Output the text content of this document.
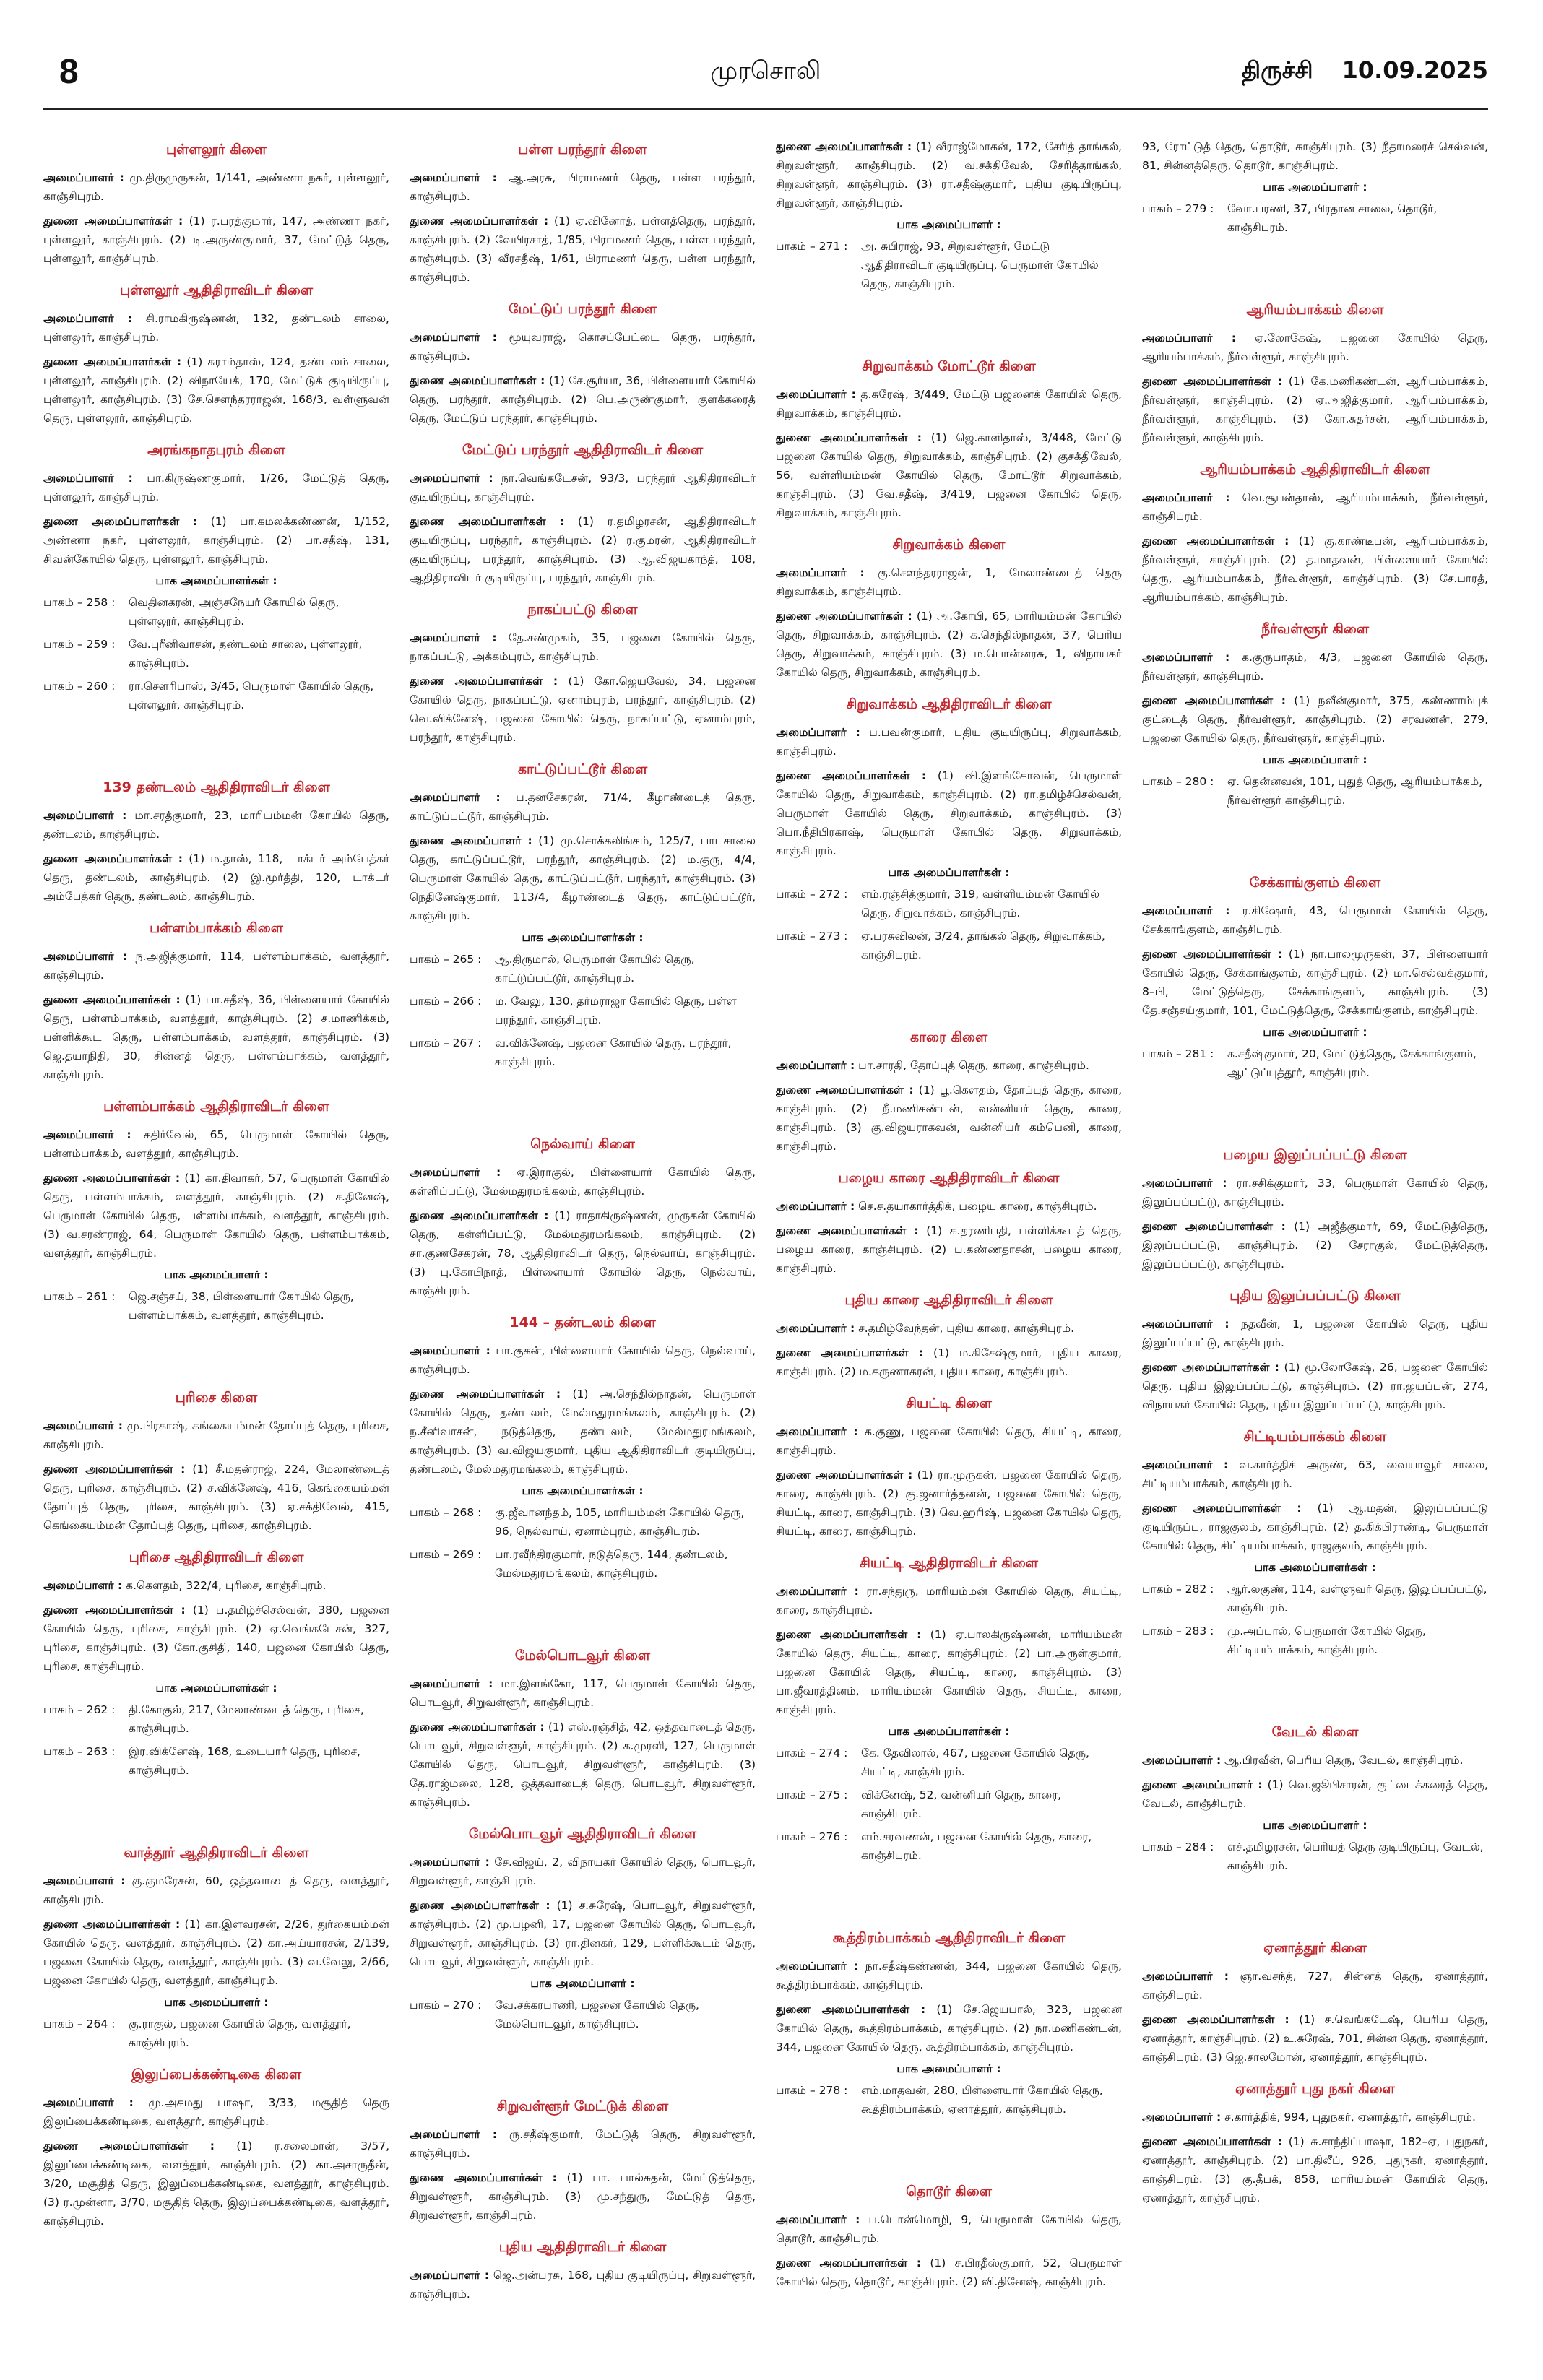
8	முரசொலி	திருச்சி 10.09.2025
புள்ளலூர் கிளை

அமைப்பாளர் : மு.திருமுருகன், 1/141, அண்ணா நகர், புள்ளலூர், காஞ்சிபுரம்.

துணை அமைப்பாளர்கள் : (1) ர.பரத்குமார், 147, அண்ணா நகர், புள்ளலூர், காஞ்சிபுரம். (2) டி.அருண்குமார், 37, மேட்டுத் தெரு, புள்ளலூர், காஞ்சிபுரம்.

புள்ளலூர் ஆதிதிராவிடர் கிளை

அமைப்பாளர் : சி.ராமகிருஷ்ணன், 132, தண்டலம் சாலை, புள்ளலூர், காஞ்சிபுரம்.

துணை அமைப்பாளர்கள் : (1) சுராம்தாஸ், 124, தண்டலம் சாலை, புள்ளலூர், காஞ்சிபுரம். (2) விநாயேக், 170, மேட்டுக் குடியிருப்பு, புள்ளலூர், காஞ்சிபுரம். (3) சே.சௌந்தரராஜன், 168/3, வள்ளுவன் தெரு, புள்ளலூர், காஞ்சிபுரம்.

அரங்கநாதபுரம் கிளை

அமைப்பாளர் : பா.கிருஷ்ணகுமார், 1/26, மேட்டுத் தெரு, புள்ளலூர், காஞ்சிபுரம்.

துணை அமைப்பாளர்கள் : (1) பா.கமலக்கண்ணன், 1/152, அண்ணா நகர், புள்ளலூர், காஞ்சிபுரம். (2) பா.சதீஷ், 131, சிவன்கோயில் தெரு, புள்ளலூர், காஞ்சிபுரம்.

பாக அமைப்பாளர்கள் :
பாகம் – 258 :	வெதினகரன், அஞ்சநேயர் கோயில் தெரு, புள்ளலூர், காஞ்சிபுரம்.
பாகம் – 259 :	வே.புரீனிவாசன், தண்டலம் சாலை, புள்ளலூர், காஞ்சிபுரம்.
பாகம் – 260 :	ரா.சௌரிபாஸ், 3/45, பெருமாள் கோயில் தெரு, புள்ளலூர், காஞ்சிபுரம்.
139 தண்டலம் ஆதிதிராவிடர் கிளை

அமைப்பாளர் : மா.சரத்குமார், 23, மாரியம்மன் கோயில் தெரு, தண்டலம், காஞ்சிபுரம்.

துணை அமைப்பாளர்கள் : (1) ம.தாஸ், 118, டாக்டர் அம்பேத்கர் தெரு, தண்டலம், காஞ்சிபுரம். (2) இ.மூர்த்தி, 120, டாக்டர் அம்பேத்கர் தெரு, தண்டலம், காஞ்சிபுரம்.

பள்ளம்பாக்கம் கிளை

அமைப்பாளர் : ந.அஜித்குமார், 114, பள்ளம்பாக்கம், வளத்தூர், காஞ்சிபுரம்.

துணை அமைப்பாளர்கள் : (1) பா.சதீஷ், 36, பிள்ளையார் கோயில் தெரு, பள்ளம்பாக்கம், வளத்தூர், காஞ்சிபுரம். (2) ச.மாணிக்கம், பள்ளிக்கூட தெரு, பள்ளம்பாக்கம், வளத்தூர், காஞ்சிபுரம். (3) ஜெ.தயாநிதி, 30, சின்னத் தெரு, பள்ளம்பாக்கம், வளத்தூர், காஞ்சிபுரம்.

பள்ளம்பாக்கம் ஆதிதிராவிடர் கிளை

அமைப்பாளர் : கதிர்வேல், 65, பெருமாள் கோயில் தெரு, பள்ளம்பாக்கம், வளத்தூர், காஞ்சிபுரம்.

துணை அமைப்பாளர்கள் : (1) கா.திவாகர், 57, பெருமாள் கோயில் தெரு, பள்ளம்பாக்கம், வளத்தூர், காஞ்சிபுரம். (2) ச.தினேஷ், பெருமாள் கோயில் தெரு, பள்ளம்பாக்கம், வளத்தூர், காஞ்சிபுரம். (3) வ.சரண்ராஜ், 64, பெருமாள் கோயில் தெரு, பள்ளம்பாக்கம், வளத்தூர், காஞ்சிபுரம்.

பாக அமைப்பாளர் :
பாகம் – 261 :	ஜெ.சஞ்சய், 38, பிள்ளையார் கோயில் தெரு, பள்ளம்பாக்கம், வளத்தூர், காஞ்சிபுரம்.
புரிசை கிளை

அமைப்பாளர் : மு.பிரகாஷ், கங்கையம்மன் தோப்புத் தெரு, புரிசை, காஞ்சிபுரம்.

துணை அமைப்பாளர்கள் : (1) சீ.மதன்ராஜ், 224, மேலாண்டைத் தெரு, புரிசை, காஞ்சிபுரம். (2) ச.விக்னேஷ், 416, கெங்கையம்மன் தோப்புத் தெரு, புரிசை, காஞ்சிபுரம். (3) ஏ.சக்திவேல், 415, கெங்கையம்மன் தோப்புத் தெரு, புரிசை, காஞ்சிபுரம்.

புரிசை ஆதிதிராவிடர் கிளை

அமைப்பாளர் : க.கௌதம், 322/4, புரிசை, காஞ்சிபுரம்.

துணை அமைப்பாளர்கள் : (1) ப.தமிழ்ச்செல்வன், 380, பஜனை கோயில் தெரு, புரிசை, காஞ்சிபுரம். (2) ஏ.வெங்கடேசன், 327, புரிசை, காஞ்சிபுரம். (3) கோ.குசிதி, 140, பஜனை கோயில் தெரு, புரிசை, காஞ்சிபுரம்.

பாக அமைப்பாளர்கள் :
பாகம் – 262 :	தி.கோகுல், 217, மேலாண்டைத் தெரு, புரிசை, காஞ்சிபுரம்.
பாகம் – 263 :	இர.விக்னேஷ், 168, உடையார் தெரு, புரிசை, காஞ்சிபுரம்.
வாத்தூர் ஆதிதிராவிடர் கிளை

அமைப்பாளர் : கு.குமரேசன், 60, ஒத்தவாடைத் தெரு, வளத்தூர், காஞ்சிபுரம்.

துணை அமைப்பாளர்கள் : (1) கா.இளவரசன், 2/26, துர்கையம்மன் கோயில் தெரு, வளத்தூர், காஞ்சிபுரம். (2) கா.அய்யாரசன், 2/139, பஜனை கோயில் தெரு, வளத்தூர், காஞ்சிபுரம். (3) வ.வேலு, 2/66, பஜனை கோயில் தெரு, வளத்தூர், காஞ்சிபுரம்.

பாக அமைப்பாளர் :
பாகம் – 264 :	கு.ராகுல், பஜனை கோயில் தெரு, வளத்தூர், காஞ்சிபுரம்.
இலுப்பைக்கண்டிகை கிளை

அமைப்பாளர் : மு.அகமது பாஷா, 3/33, மசூதித் தெரு இலுப்பைக்கண்டிகை, வளத்தூர், காஞ்சிபுரம்.

துணை அமைப்பாளர்கள் : (1) ர.சலைமான், 3/57, இலுப்பைக்கண்டிகை, வளத்தூர், காஞ்சிபுரம். (2) கா.அசாருதீன், 3/20, மசூதித் தெரு, இலுப்பைக்கண்டிகை, வளத்தூர், காஞ்சிபுரம். (3) ர.முன்னா, 3/70, மசூதித் தெரு, இலுப்பைக்கண்டிகை, வளத்தூர், காஞ்சிபுரம்.

பள்ள பரந்தூர் கிளை

அமைப்பாளர் : ஆ.அரசு, பிராமணர் தெரு, பள்ள பரந்தூர், காஞ்சிபுரம்.

துணை அமைப்பாளர்கள் : (1) ஏ.வினோத், பள்ளத்தெரு, பரந்தூர், காஞ்சிபுரம். (2) வேபிரசாத், 1/85, பிராமணர் தெரு, பள்ள பரந்தூர், காஞ்சிபுரம். (3) வீரசதீஷ், 1/61, பிராமணர் தெரு, பள்ள பரந்தூர், காஞ்சிபுரம்.

மேட்டுப் பரந்தூர் கிளை

அமைப்பாளர் : மூயுவராஜ், கொசப்பேட்டை தெரு, பரந்தூர், காஞ்சிபுரம்.

துணை அமைப்பாளர்கள் : (1) சே.சூர்யா, 36, பிள்ளையார் கோயில் தெரு, பரந்தூர், காஞ்சிபுரம். (2) பெ.அருண்குமார், குளக்கரைத் தெரு, மேட்டுப் பரந்தூர், காஞ்சிபுரம்.

மேட்டுப் பரந்தூர் ஆதிதிராவிடர் கிளை

அமைப்பாளர் : நா.வெங்கடேசன், 93/3, பரந்தூர் ஆதிதிராவிடர் குடியிருப்பு, காஞ்சிபுரம்.

துணை அமைப்பாளர்கள் : (1) ர.தமிழரசன், ஆதிதிராவிடர் குடியிருப்பு, பரந்தூர், காஞ்சிபுரம். (2) ர.குமரன், ஆதிதிராவிடர் குடியிருப்பு, பரந்தூர், காஞ்சிபுரம். (3) ஆ.விஜயகாந்த், 108, ஆதிதிராவிடர் குடியிருப்பு, பரந்தூர், காஞ்சிபுரம்.

நாகப்பட்டு கிளை

அமைப்பாளர் : தே.சண்முகம், 35, பஜனை கோயில் தெரு, நாகப்பட்டு, அக்கம்புரம், காஞ்சிபுரம்.

துணை அமைப்பாளர்கள் : (1) கோ.ஜெயவேல், 34, பஜனை கோயில் தெரு, நாகப்பட்டு, ஏனாம்புரம், பரந்தூர், காஞ்சிபுரம். (2) வெ.விக்னேஷ், பஜனை கோயில் தெரு, நாகப்பட்டு, ஏனாம்புரம், பரந்தூர், காஞ்சிபுரம்.

காட்டுப்பட்டூர் கிளை

அமைப்பாளர் : ப.தனசேகரன், 71/4, கீழாண்டைத் தெரு, காட்டுப்பட்டூர், காஞ்சிபுரம்.

துணை அமைப்பாளர் : (1) மு.சொக்கலிங்கம், 125/7, பாடசாலை தெரு, காட்டுப்பட்டூர், பரந்தூர், காஞ்சிபுரம். (2) ம.குரு, 4/4, பெருமாள் கோயில் தெரு, காட்டுப்பட்டூர், பரந்தூர், காஞ்சிபுரம். (3) நெதினேஷ்குமார், 113/4, கீழாண்டைத் தெரு, காட்டுப்பட்டூர், காஞ்சிபுரம்.

பாக அமைப்பாளர்கள் :
பாகம் – 265 :	ஆ.திருமால், பெருமாள் கோயில் தெரு, காட்டுப்பட்டூர், காஞ்சிபுரம்.
பாகம் – 266 :	ம. வேலு, 130, தர்மராஜா கோயில் தெரு, பள்ள பரந்தூர், காஞ்சிபுரம்.
பாகம் – 267 :	வ.விக்னேஷ், பஜனை கோயில் தெரு, பரந்தூர், காஞ்சிபுரம்.
நெல்வாய் கிளை

அமைப்பாளர் : ஏ.இராகுல், பிள்ளையார் கோயில் தெரு, கள்ளிப்பட்டு, மேல்மதுரமங்கலம், காஞ்சிபுரம்.

துணை அமைப்பாளர்கள் : (1) ராதாகிருஷ்ணன், முருகன் கோயில் தெரு, கள்ளிப்பட்டு, மேல்மதுரமங்கலம், காஞ்சிபுரம். (2) சா.குணசேகரன், 78, ஆதிதிராவிடர் தெரு, நெல்வாய், காஞ்சிபுரம். (3) பு.கோபிநாத், பிள்ளையார் கோயில் தெரு, நெல்வாய், காஞ்சிபுரம்.

144 – தண்டலம் கிளை

அமைப்பாளர் : பா.குகன், பிள்ளையார் கோயில் தெரு, நெல்வாய், காஞ்சிபுரம்.

துணை அமைப்பாளர்கள் : (1) அ.செந்தில்நாதன், பெருமாள் கோயில் தெரு, தண்டலம், மேல்மதுரமங்கலம், காஞ்சிபுரம். (2) ந.சீனிவாசன், நடுத்தெரு, தண்டலம், மேல்மதுரமங்கலம், காஞ்சிபுரம். (3) வ.விஜயகுமார், புதிய ஆதிதிராவிடர் குடியிருப்பு, தண்டலம், மேல்மதுரமங்கலம், காஞ்சிபுரம்.

பாக அமைப்பாளர்கள் :
பாகம் – 268 :	கு.ஜீவானந்தம், 105, மாரியம்மன் கோயில் தெரு, 96, நெல்வாய், ஏனாம்புரம், காஞ்சிபுரம்.
பாகம் – 269 :	பா.ரவீந்திரகுமார், நடுத்தெரு, 144, தண்டலம், மேல்மதுரமங்கலம், காஞ்சிபுரம்.
மேல்பொடவூர் கிளை

அமைப்பாளர் : மா.இளங்கோ, 117, பெருமாள் கோயில் தெரு, பொடவூர், சிறுவள்ளூர், காஞ்சிபுரம்.

துணை அமைப்பாளர்கள் : (1) எஸ்.ரஞ்சித், 42, ஒத்தவாடைத் தெரு, பொடவூர், சிறுவள்ளூர், காஞ்சிபுரம். (2) க.முரளி, 127, பெருமாள் கோயில் தெரு, பொடவூர், சிறுவள்ளூர், காஞ்சிபுரம். (3) தே.ராஜ்மலை, 128, ஒத்தவாடைத் தெரு, பொடவூர், சிறுவள்ளூர், காஞ்சிபுரம்.

மேல்பொடவூர் ஆதிதிராவிடர் கிளை

அமைப்பாளர் : சே.விஜய், 2, விநாயகர் கோயில் தெரு, பொடவூர், சிறுவள்ளூர், காஞ்சிபுரம்.

துணை அமைப்பாளர்கள் : (1) ச.சுரேஷ், பொடவூர், சிறுவள்ளூர், காஞ்சிபுரம். (2) மு.பழனி, 17, பஜனை கோயில் தெரு, பொடவூர், சிறுவள்ளூர், காஞ்சிபுரம். (3) ரா.தினகர், 129, பள்ளிக்கூடம் தெரு, பொடவூர், சிறுவள்ளூர், காஞ்சிபுரம்.

பாக அமைப்பாளர் :
பாகம் – 270 :	வே.சக்கரபாணி, பஜனை கோயில் தெரு, மேல்பொடவூர், காஞ்சிபுரம்.
சிறுவள்ளூர் மேட்டுக் கிளை

அமைப்பாளர் : ரு.சதீஷ்குமார், மேட்டுத் தெரு, சிறுவள்ளூர், காஞ்சிபுரம்.

துணை அமைப்பாளர்கள் : (1) பா. பால்சுதன், மேட்டுத்தெரு, சிறுவள்ளூர், காஞ்சிபுரம். (3) மு.சந்துரு, மேட்டுத் தெரு, சிறுவள்ளூர், காஞ்சிபுரம்.

புதிய ஆதிதிராவிடர் கிளை

அமைப்பாளர் : ஜெ.அன்பரசு, 168, புதிய குடியிருப்பு, சிறுவள்ளூர், காஞ்சிபுரம்.

துணை அமைப்பாளர்கள் : (1) வீராஜ்மோகன், 172, சேரித் தாங்கல், சிறுவள்ளூர், காஞ்சிபுரம். (2) வ.சக்திவேல், சேரித்தாங்கல், சிறுவள்ளூர், காஞ்சிபுரம். (3) ரா.சதீஷ்குமார், புதிய குடியிருப்பு, சிறுவள்ளூர், காஞ்சிபுரம்.

பாக அமைப்பாளர் :
பாகம் – 271 :	அ. சுபிராஜ், 93, சிறுவள்ளூர், மேட்டு ஆதிதிராவிடர் குடியிருப்பு, பெருமாள் கோயில் தெரு, காஞ்சிபுரம்.
சிறுவாக்கம் மோட்டூர் கிளை

அமைப்பாளர் : த.சுரேஷ், 3/449, மேட்டு பஜனைக் கோயில் தெரு, சிறுவாக்கம், காஞ்சிபுரம்.

துணை அமைப்பாளர்கள் : (1) ஜெ.காளிதாஸ், 3/448, மேட்டு பஜனை கோயில் தெரு, சிறுவாக்கம், காஞ்சிபுரம். (2) குசக்திவேல், 56, வள்ளியம்மன் கோயில் தெரு, மோட்டூர் சிறுவாக்கம், காஞ்சிபுரம். (3) வே.சதீஷ், 3/419, பஜனை கோயில் தெரு, சிறுவாக்கம், காஞ்சிபுரம்.

சிறுவாக்கம் கிளை

அமைப்பாளர் : கு.சௌந்தரராஜன், 1, மேலாண்டைத் தெரு சிறுவாக்கம், காஞ்சிபுரம்.

துணை அமைப்பாளர்கள் : (1) அ.கோபி, 65, மாரியம்மன் கோயில் தெரு, சிறுவாக்கம், காஞ்சிபுரம். (2) க.செந்தில்நாதன், 37, பெரிய தெரு, சிறுவாக்கம், காஞ்சிபுரம். (3) ம.பொன்னரசு, 1, விநாயகர் கோயில் தெரு, சிறுவாக்கம், காஞ்சிபுரம்.

சிறுவாக்கம் ஆதிதிராவிடர் கிளை

அமைப்பாளர் : ப.பவன்குமார், புதிய குடியிருப்பு, சிறுவாக்கம், காஞ்சிபுரம்.

துணை அமைப்பாளர்கள் : (1) வி.இளங்கோவன், பெருமாள் கோயில் தெரு, சிறுவாக்கம், காஞ்சிபுரம். (2) ரா.தமிழ்ச்செல்வன், பெருமாள் கோயில் தெரு, சிறுவாக்கம், காஞ்சிபுரம். (3) பொ.நீதிபிரகாஷ், பெருமாள் கோயில் தெரு, சிறுவாக்கம், காஞ்சிபுரம்.

பாக அமைப்பாளர்கள் :
பாகம் – 272 :	எம்.ரஞ்சித்குமார், 319, வள்ளியம்மன் கோயில் தெரு, சிறுவாக்கம், காஞ்சிபுரம்.
பாகம் – 273 :	ஏ.பரசுவிலன், 3/24, தாங்கல் தெரு, சிறுவாக்கம், காஞ்சிபுரம்.
காரை கிளை

அமைப்பாளர் : பா.சாரதி, தோப்புத் தெரு, காரை, காஞ்சிபுரம்.

துணை அமைப்பாளர்கள் : (1) பூ.கௌதம், தோப்புத் தெரு, காரை, காஞ்சிபுரம். (2) நீ.மணிகண்டன், வன்னியர் தெரு, காரை, காஞ்சிபுரம். (3) கு.விஜயராகவன், வன்னியர் கம்பெனி, காரை, காஞ்சிபுரம்.

பழைய காரை ஆதிதிராவிடர் கிளை

அமைப்பாளர் : செ.ச.தயாகார்த்திக், பழைய காரை, காஞ்சிபுரம்.

துணை அமைப்பாளர்கள் : (1) க.தரணிபதி, பள்ளிக்கூடத் தெரு, பழைய காரை, காஞ்சிபுரம். (2) ப.கண்ணதாசன், பழைய காரை, காஞ்சிபுரம்.

புதிய காரை ஆதிதிராவிடர் கிளை

அமைப்பாளர் : ச.தமிழ்வேந்தன், புதிய காரை, காஞ்சிபுரம்.

துணை அமைப்பாளர்கள் : (1) ம.கிசேஷ்குமார், புதிய காரை, காஞ்சிபுரம். (2) ம.கருணாகரன், புதிய காரை, காஞ்சிபுரம்.

சியட்டி கிளை

அமைப்பாளர் : க.குணு, பஜனை கோயில் தெரு, சியட்டி, காரை, காஞ்சிபுரம்.

துணை அமைப்பாளர்கள் : (1) ரா.முருகன், பஜனை கோயில் தெரு, காரை, காஞ்சிபுரம். (2) கு.ஜனார்த்தனன், பஜனை கோயில் தெரு, சியட்டி, காரை, காஞ்சிபுரம். (3) வெ.ஹரிஷ், பஜனை கோயில் தெரு, சியட்டி, காரை, காஞ்சிபுரம்.

சியட்டி ஆதிதிராவிடர் கிளை

அமைப்பாளர் : ரா.சந்துரு, மாரியம்மன் கோயில் தெரு, சியட்டி, காரை, காஞ்சிபுரம்.

துணை அமைப்பாளர்கள் : (1) ஏ.பாலகிருஷ்ணன், மாரியம்மன் கோயில் தெரு, சியட்டி, காரை, காஞ்சிபுரம். (2) பா.அருள்குமார், பஜனை கோயில் தெரு, சியட்டி, காரை, காஞ்சிபுரம். (3) பா.ஜீவரத்தினம், மாரியம்மன் கோயில் தெரு, சியட்டி, காரை, காஞ்சிபுரம்.

பாக அமைப்பாளர்கள் :
பாகம் – 274 :	கே. தேவிலால், 467, பஜனை கோயில் தெரு, சியட்டி, காஞ்சிபுரம்.
பாகம் – 275 :	விக்னேஷ், 52, வன்னியர் தெரு, காரை, காஞ்சிபுரம்.
பாகம் – 276 :	எம்.சரவணன், பஜனை கோயில் தெரு, காரை, காஞ்சிபுரம்.
கூத்திரம்பாக்கம் ஆதிதிராவிடர் கிளை

அமைப்பாளர் : நா.சதீஷ்கண்ணன், 344, பஜனை கோயில் தெரு, கூத்திரம்பாக்கம், காஞ்சிபுரம்.

துணை அமைப்பாளர்கள் : (1) சே.ஜெயபால், 323, பஜனை கோயில் தெரு, கூத்திரம்பாக்கம், காஞ்சிபுரம். (2) நா.மணிகண்டன், 344, பஜனை கோயில் தெரு, கூத்திரம்பாக்கம், காஞ்சிபுரம்.

பாக அமைப்பாளர் :
பாகம் – 278 :	எம்.மாதவன், 280, பிள்ளையார் கோயில் தெரு, கூத்திரம்பாக்கம், ஏனாத்தூர், காஞ்சிபுரம்.
தொடூர் கிளை

அமைப்பாளர் : ப.பொன்மொழி, 9, பெருமாள் கோயில் தெரு, தொடூர், காஞ்சிபுரம்.

துணை அமைப்பாளர்கள் : (1) ச.பிரதீஸ்குமார், 52, பெருமாள் கோயில் தெரு, தொடூர், காஞ்சிபுரம். (2) வி.தினேஷ், காஞ்சிபுரம்.

93, ரோட்டுத் தெரு, தொடூர், காஞ்சிபுரம். (3) நீதாமரைச் செல்வன், 81, சின்னத்தெரு, தொடூர், காஞ்சிபுரம்.

பாக அமைப்பாளர் :
பாகம் – 279 :	வோ.பரணி, 37, பிரதான சாலை, தொடூர், காஞ்சிபுரம்.
ஆரியம்பாக்கம் கிளை

அமைப்பாளர் : ஏ.லோகேஷ், பஜனை கோயில் தெரு, ஆரியம்பாக்கம், நீர்வள்ளூர், காஞ்சிபுரம்.

துணை அமைப்பாளர்கள் : (1) கே.மணிகண்டன், ஆரியம்பாக்கம், நீர்வள்ளூர், காஞ்சிபுரம். (2) ஏ.அஜித்குமார், ஆரியம்பாக்கம், நீர்வள்ளூர், காஞ்சிபுரம். (3) கோ.சுதர்சன், ஆரியம்பாக்கம், நீர்வள்ளூர், காஞ்சிபுரம்.

ஆரியம்பாக்கம் ஆதிதிராவிடர் கிளை

அமைப்பாளர் : வெ.சூபன்தாஸ், ஆரியம்பாக்கம், நீர்வள்ளூர், காஞ்சிபுரம்.

துணை அமைப்பாளர்கள் : (1) கு.காண்டீபன், ஆரியம்பாக்கம், நீர்வள்ளூர், காஞ்சிபுரம். (2) த.மாதவன், பிள்ளையார் கோயில் தெரு, ஆரியம்பாக்கம், நீர்வள்ளூர், காஞ்சிபுரம். (3) சே.பாரத், ஆரியம்பாக்கம், காஞ்சிபுரம்.

நீர்வள்ளூர் கிளை

அமைப்பாளர் : க.குருபாதம், 4/3, பஜனை கோயில் தெரு, நீர்வள்ளூர், காஞ்சிபுரம்.

துணை அமைப்பாளர்கள் : (1) நவீன்குமார், 375, கண்ணாம்புக் குட்டைத் தெரு, நீர்வள்ளூர், காஞ்சிபுரம். (2) சரவணன், 279, பஜனை கோயில் தெரு, நீர்வள்ளூர், காஞ்சிபுரம்.

பாக அமைப்பாளர் :
பாகம் – 280 :	ஏ. தென்னவன், 101, புதுத் தெரு, ஆரியம்பாக்கம், நீர்வள்ளூர் காஞ்சிபுரம்.
சேக்காங்குளம் கிளை

அமைப்பாளர் : ர.கிஷோர், 43, பெருமாள் கோயில் தெரு, சேக்காங்குளம், காஞ்சிபுரம்.

துணை அமைப்பாளர்கள் : (1) நா.பாலமுருகன், 37, பிள்ளையார் கோயில் தெரு, சேக்காங்குளம், காஞ்சிபுரம். (2) மா.செல்வக்குமார், 8–பி, மேட்டுத்தெரு, சேக்காங்குளம், காஞ்சிபுரம். (3) தே.சஞ்சய்குமார், 101, மேட்டுத்தெரு, சேக்காங்குளம், காஞ்சிபுரம்.

பாக அமைப்பாளர் :
பாகம் – 281 :	க.சதீஷ்குமார், 20, மேட்டுத்தெரு, சேக்காங்குளம், ஆட்டுப்புத்தூர், காஞ்சிபுரம்.
பழைய இலுப்பப்பட்டு கிளை

அமைப்பாளர் : ரா.சசிக்குமார், 33, பெருமாள் கோயில் தெரு, இலுப்பப்பட்டு, காஞ்சிபுரம்.

துணை அமைப்பாளர்கள் : (1) அஜீத்குமார், 69, மேட்டுத்தெரு, இலுப்பப்பட்டு, காஞ்சிபுரம். (2) சேராகுல், மேட்டுத்தெரு, இலுப்பப்பட்டு, காஞ்சிபுரம்.

புதிய இலுப்பப்பட்டு கிளை

அமைப்பாளர் : நதவீன், 1, பஜனை கோயில் தெரு, புதிய இலுப்பப்பட்டு, காஞ்சிபுரம்.

துணை அமைப்பாளர்கள் : (1) மூ.லோகேஷ், 26, பஜனை கோயில் தெரு, புதிய இலுப்பப்பட்டு, காஞ்சிபுரம். (2) ரா.ஜயப்பன், 274, விநாயகர் கோயில் தெரு, புதிய இலுப்பப்பட்டு, காஞ்சிபுரம்.

சிட்டியம்பாக்கம் கிளை

அமைப்பாளர் : வ.கார்த்திக் அருண், 63, வையாவூர் சாலை, சிட்டியம்பாக்கம், காஞ்சிபுரம்.

துணை அமைப்பாளர்கள் : (1) ஆ.மதன், இலுப்பப்பட்டு குடியிருப்பு, ராஜகுலம், காஞ்சிபுரம். (2) த.கிக்பிராண்டி, பெருமாள் கோயில் தெரு, சிட்டியம்பாக்கம், ராஜகுலம், காஞ்சிபுரம்.

பாக அமைப்பாளர்கள் :
பாகம் – 282 :	ஆர்.லகுண், 114, வள்ளுவர் தெரு, இலுப்பப்பட்டு, காஞ்சிபுரம்.
பாகம் – 283 :	மு.அப்பால், பெருமாள் கோயில் தெரு, சிட்டியம்பாக்கம், காஞ்சிபுரம்.
வேடல் கிளை

அமைப்பாளர் : ஆ.பிரவீன், பெரிய தெரு, வேடல், காஞ்சிபுரம்.

துணை அமைப்பாளர் : (1) வெ.ஜூபிசாரன், குட்டைக்கரைத் தெரு, வேடல், காஞ்சிபுரம்.

பாக அமைப்பாளர் :
பாகம் – 284 :	எச்.தமிழரசன், பெரியத் தெரு குடியிருப்பு, வேடல், காஞ்சிபுரம்.
ஏனாத்தூர் கிளை

அமைப்பாளர் : ஞா.வசந்த், 727, சின்னத் தெரு, ஏனாத்தூர், காஞ்சிபுரம்.

துணை அமைப்பாளர்கள் : (1) ச.வெங்கடேஷ், பெரிய தெரு, ஏனாத்தூர், காஞ்சிபுரம். (2) உ.சுரேஷ், 701, சின்ன தெரு, ஏனாத்தூர், காஞ்சிபுரம். (3) ஜெ.சாலமோன், ஏனாத்தூர், காஞ்சிபுரம்.

ஏனாத்தூர் புது நகர் கிளை

அமைப்பாளர் : ச.கார்த்திக், 994, புதுநகர், ஏனாத்தூர், காஞ்சிபுரம்.

துணை அமைப்பாளர்கள் : (1) சு.சாந்திப்பாஷா, 182–ஏ, புதுநகர், ஏனாத்தூர், காஞ்சிபுரம். (2) பா.திலீப், 926, புதுநகர், ஏனாத்தூர், காஞ்சிபுரம். (3) கு.தீபக், 858, மாரியம்மன் கோயில் தெரு, ஏனாத்தூர், காஞ்சிபுரம்.
